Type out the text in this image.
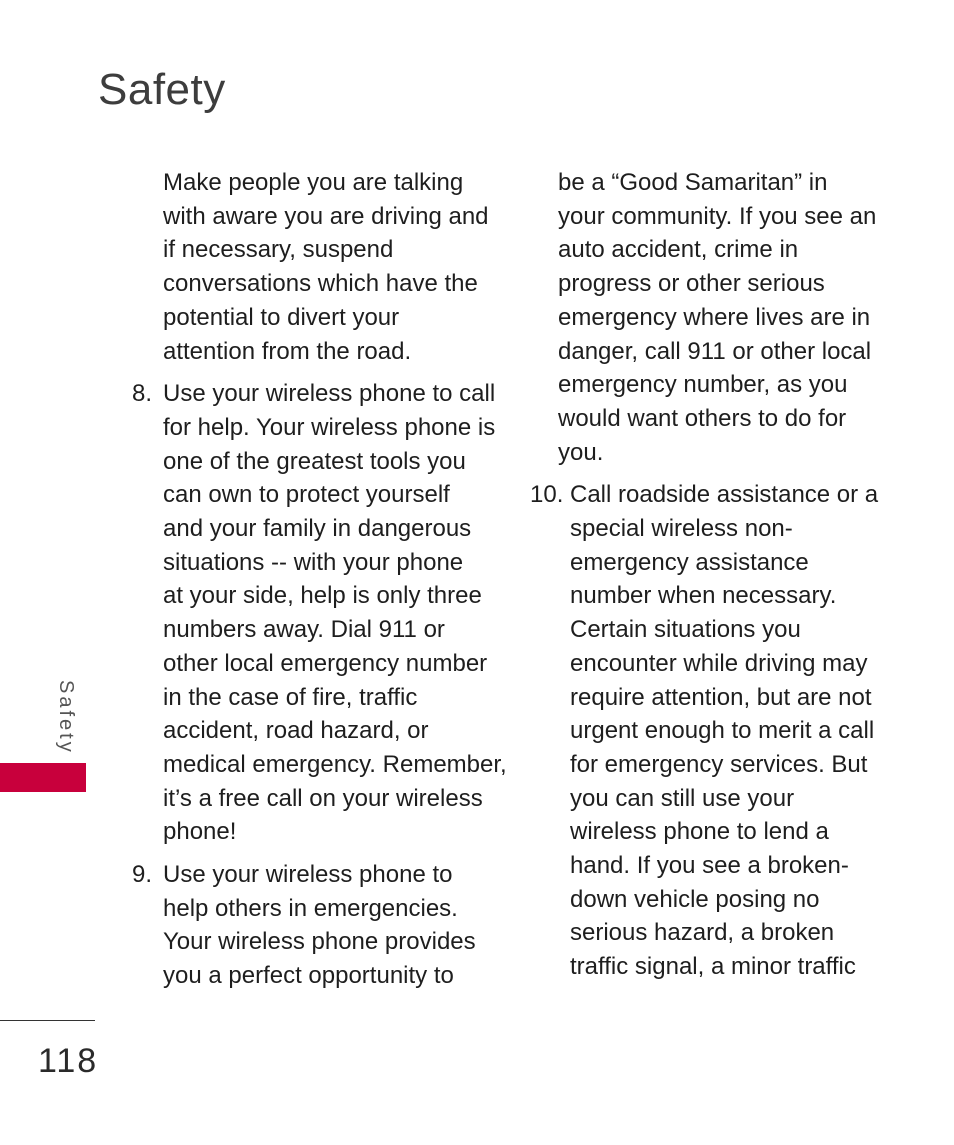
Safety
Make people you are talking
with aware you are driving and
if necessary, suspend
conversations which have the
potential to divert your
attention from the road.
8. Use your wireless phone to call
for help. Your wireless phone is
one of the greatest tools you
can own to protect yourself
and your family in dangerous
situations -- with your phone
at your side, help is only three
numbers away. Dial 911 or
other local emergency number
in the case of fire, traffic
accident, road hazard, or
medical emergency. Remember,
it’s a free call on your wireless
phone!
9. Use your wireless phone to
help others in emergencies.
Your wireless phone provides
you a perfect opportunity to
be a “Good Samaritan” in
your community. If you see an
auto accident, crime in
progress or other serious
emergency where lives are in
danger, call 911 or other local
emergency number, as you
would want others to do for
you.
10. Call roadside assistance or a
special wireless non-
emergency assistance
number when necessary.
Certain situations you
encounter while driving may
require attention, but are not
urgent enough to merit a call
for emergency services. But
you can still use your
wireless phone to lend a
hand. If you see a broken-
down vehicle posing no
serious hazard, a broken
traffic signal, a minor traffic
Safety
118
